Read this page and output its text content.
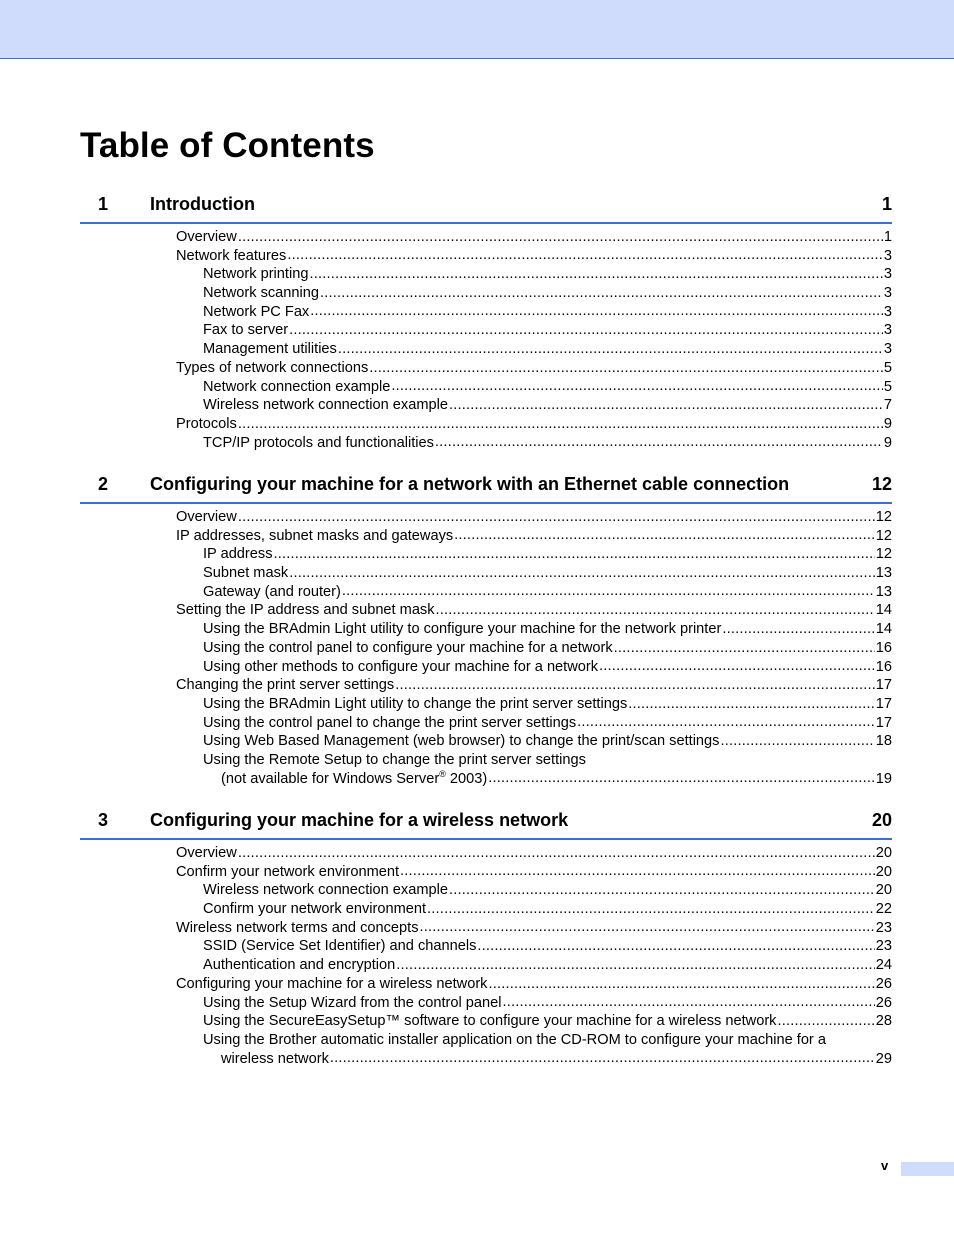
Table of Contents
1 Introduction	1
Overview .....	1
Network features .....	3
Network printing .....	3
Network scanning .....	3
Network PC Fax .....	3
Fax to server .....	3
Management utilities .....	3
Types of network connections .....	5
Network connection example .....	5
Wireless network connection example .....	7
Protocols .....	9
TCP/IP protocols and functionalities .....	9
2 Configuring your machine for a network with an Ethernet cable connection	12
Overview .....	12
IP addresses, subnet masks and gateways .....	12
IP address .....	12
Subnet mask .....	13
Gateway (and router) .....	13
Setting the IP address and subnet mask .....	14
Using the BRAdmin Light utility to configure your machine for the network printer .....	14
Using the control panel to configure your machine for a network .....	16
Using other methods to configure your machine for a network .....	16
Changing the print server settings .....	17
Using the BRAdmin Light utility to change the print server settings .....	17
Using the control panel to change the print server settings .....	17
Using Web Based Management (web browser) to change the print/scan settings .....	18
Using the Remote Setup to change the print server settings
(not available for Windows Server® 2003) .....	19
3 Configuring your machine for a wireless network	20
Overview .....	20
Confirm your network environment .....	20
Wireless network connection example .....	20
Confirm your network environment .....	22
Wireless network terms and concepts .....	23
SSID (Service Set Identifier) and channels .....	23
Authentication and encryption .....	24
Configuring your machine for a wireless network .....	26
Using the Setup Wizard from the control panel .....	26
Using the SecureEasySetup™ software to configure your machine for a wireless network .....	28
Using the Brother automatic installer application on the CD-ROM to configure your machine for a
wireless network .....	29
v
